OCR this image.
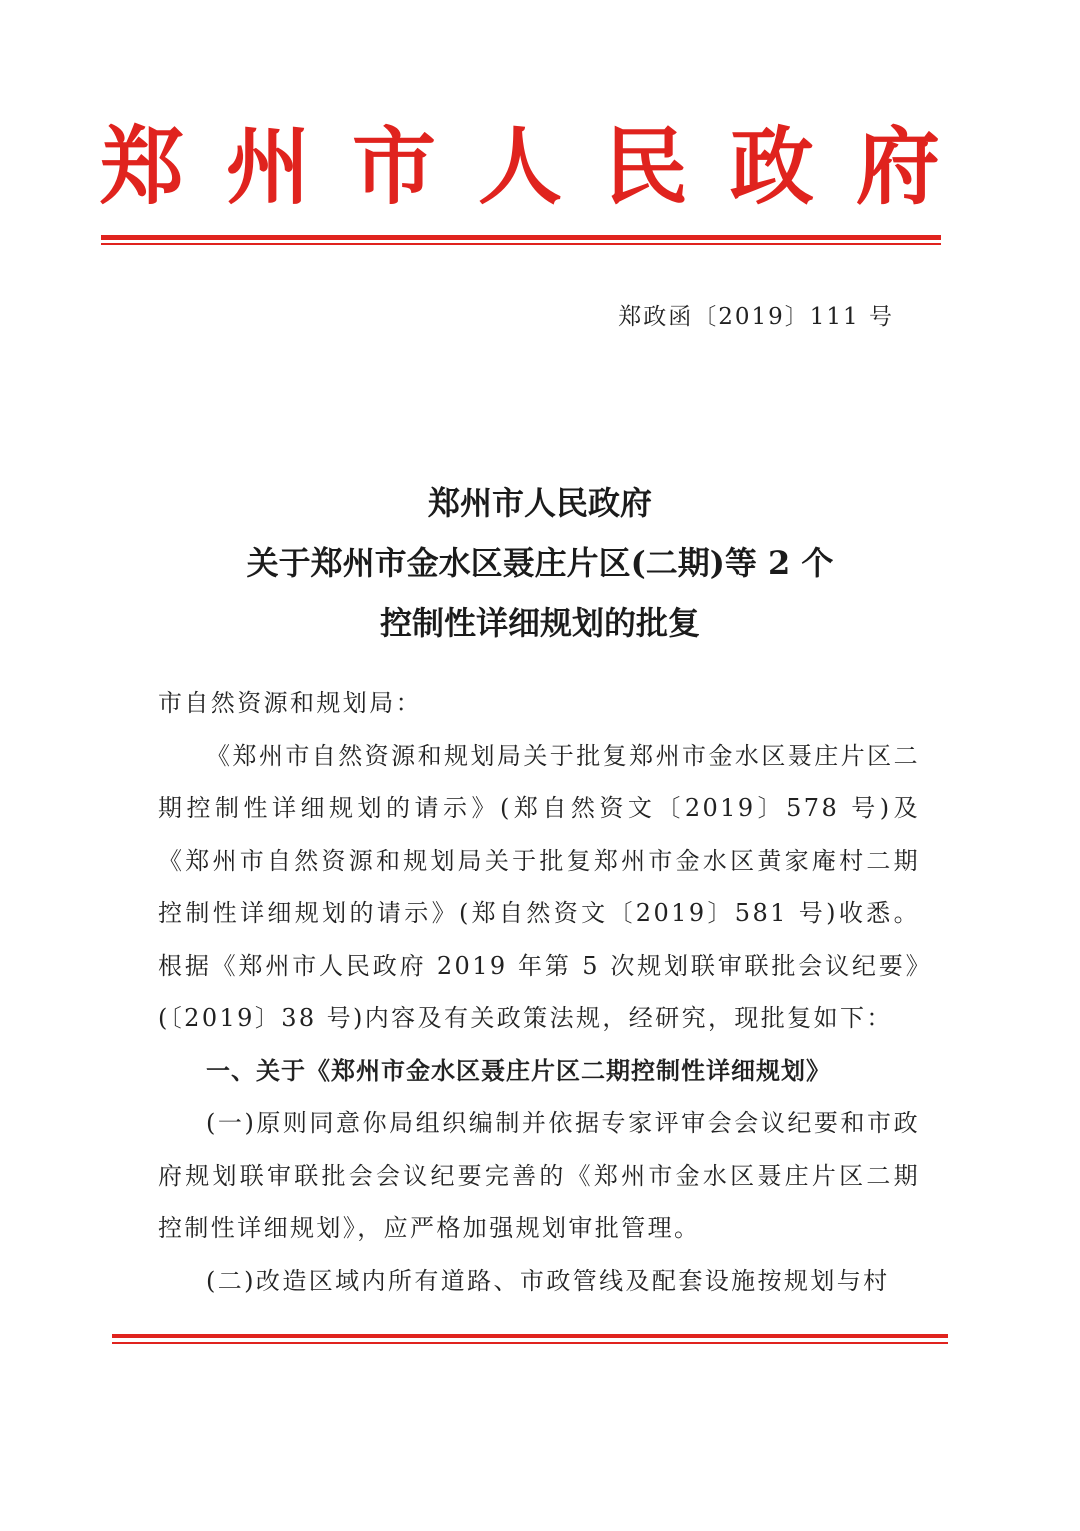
郑 州 市 人 民 政 府
郑政函〔2019〕111 号
郑州市人民政府
关于郑州市金水区聂庄片区(二期)等 2 个
控制性详细规划的批复

市自然资源和规划局：

《郑州市自然资源和规划局关于批复郑州市金水区聂庄片区二期控制性详细规划的请示》(郑自然资文〔2019〕578 号)及《郑州市自然资源和规划局关于批复郑州市金水区黄家庵村二期控制性详细规划的请示》(郑自然资文〔2019〕581 号)收悉。根据《郑州市人民政府 2019 年第 5 次规划联审联批会议纪要》(〔2019〕38 号)内容及有关政策法规，经研究，现批复如下：

一、关于《郑州市金水区聂庄片区二期控制性详细规划》

(一)原则同意你局组织编制并依据专家评审会会议纪要和市政府规划联审联批会会议纪要完善的《郑州市金水区聂庄片区二期控制性详细规划》，应严格加强规划审批管理。

(二)改造区域内所有道路、市政管线及配套设施按规划与村
